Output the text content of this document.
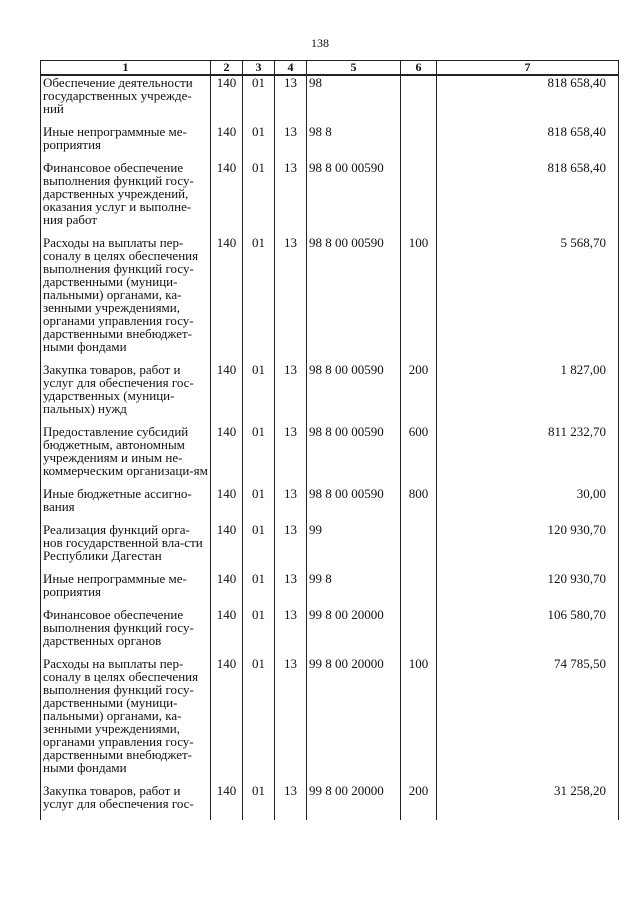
138
1	2	3	4	5	6	7
Обеспечение деятельности государственных учрежде-ний	140	01	13	98		818 658,40
Иные непрограммные ме-роприятия	140	01	13	98 8		818 658,40
Финансовое обеспечение выполнения функций госу-дарственных учреждений, оказания услуг и выполне-ния работ	140	01	13	98 8 00 00590		818 658,40
Расходы на выплаты пер-соналу в целях обеспечения выполнения функций госу-дарственными (муници-пальными) органами, ка-зенными учреждениями, органами управления госу-дарственными внебюджет-ными фондами	140	01	13	98 8 00 00590	100	5 568,70
Закупка товаров, работ и услуг для обеспечения гос-ударственных (муници-пальных) нужд	140	01	13	98 8 00 00590	200	1 827,00
Предоставление субсидий бюджетным, автономным учреждениям и иным не-коммерческим организаци-ям	140	01	13	98 8 00 00590	600	811 232,70
Иные бюджетные ассигно-вания	140	01	13	98 8 00 00590	800	30,00
Реализация функций орга-нов государственной вла-сти Республики Дагестан	140	01	13	99		120 930,70
Иные непрограммные ме-роприятия	140	01	13	99 8		120 930,70
Финансовое обеспечение выполнения функций госу-дарственных органов	140	01	13	99 8 00 20000		106 580,70
Расходы на выплаты пер-соналу в целях обеспечения выполнения функций госу-дарственными (муници-пальными) органами, ка-зенными учреждениями, органами управления госу-дарственными внебюджет-ными фондами	140	01	13	99 8 00 20000	100	74 785,50
Закупка товаров, работ и услуг для обеспечения гос-	140	01	13	99 8 00 20000	200	31 258,20
